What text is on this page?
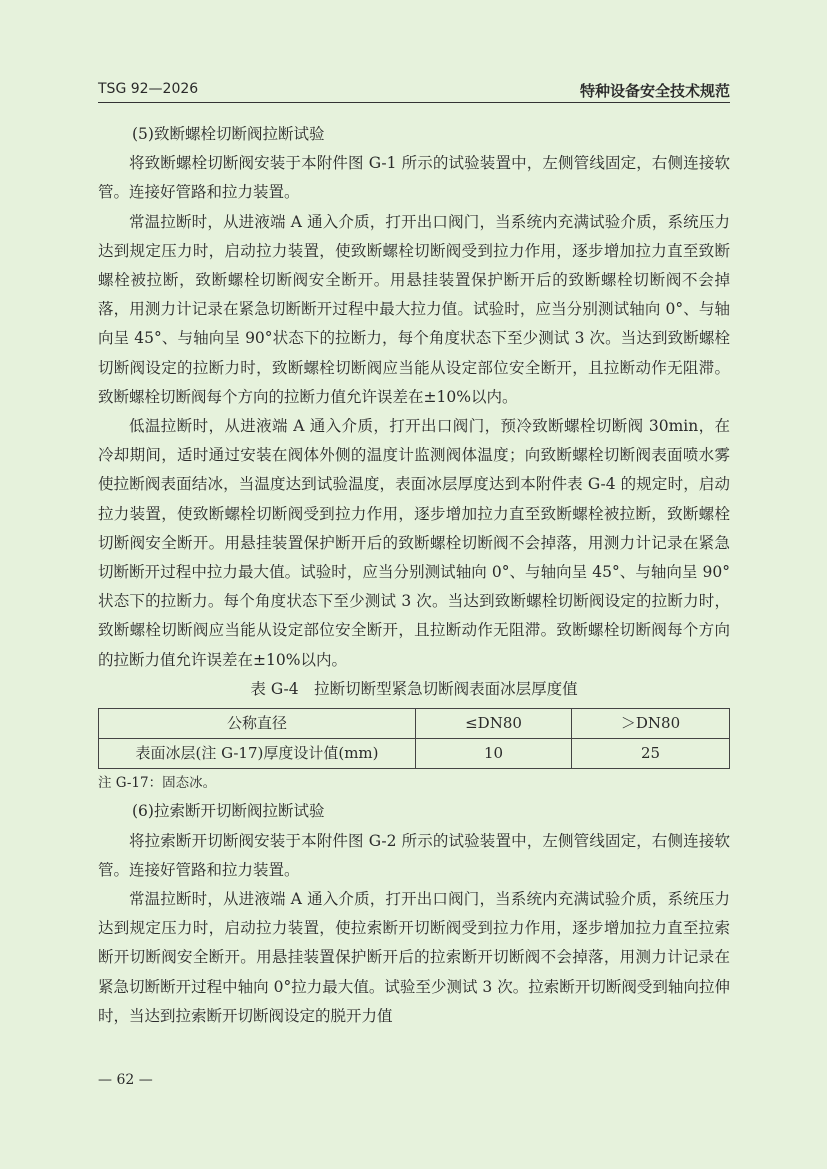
TSG 92—2026	特种设备安全技术规范

(5)致断螺栓切断阀拉断试验

将致断螺栓切断阀安装于本附件图 G-1 所示的试验装置中，左侧管线固定，右侧连接软管。连接好管路和拉力装置。

常温拉断时，从进液端 A 通入介质，打开出口阀门，当系统内充满试验介质，系统压力达到规定压力时，启动拉力装置，使致断螺栓切断阀受到拉力作用，逐步增加拉力直至致断螺栓被拉断，致断螺栓切断阀安全断开。用悬挂装置保护断开后的致断螺栓切断阀不会掉落，用测力计记录在紧急切断断开过程中最大拉力值。试验时，应当分别测试轴向 0°、与轴向呈 45°、与轴向呈 90°状态下的拉断力，每个角度状态下至少测试 3 次。当达到致断螺栓切断阀设定的拉断力时，致断螺栓切断阀应当能从设定部位安全断开，且拉断动作无阻滞。致断螺栓切断阀每个方向的拉断力值允许误差在±10%以内。

低温拉断时，从进液端 A 通入介质，打开出口阀门，预冷致断螺栓切断阀 30min，在冷却期间，适时通过安装在阀体外侧的温度计监测阀体温度；向致断螺栓切断阀表面喷水雾使拉断阀表面结冰，当温度达到试验温度，表面冰层厚度达到本附件表 G-4 的规定时，启动拉力装置，使致断螺栓切断阀受到拉力作用，逐步增加拉力直至致断螺栓被拉断，致断螺栓切断阀安全断开。用悬挂装置保护断开后的致断螺栓切断阀不会掉落，用测力计记录在紧急切断断开过程中拉力最大值。试验时，应当分别测试轴向 0°、与轴向呈 45°、与轴向呈 90°状态下的拉断力。每个角度状态下至少测试 3 次。当达到致断螺栓切断阀设定的拉断力时，致断螺栓切断阀应当能从设定部位安全断开，且拉断动作无阻滞。致断螺栓切断阀每个方向的拉断力值允许误差在±10%以内。

表 G-4　拉断切断型紧急切断阀表面冰层厚度值

公称直径	≤DN80	＞DN80
表面冰层(注 G-17)厚度设计值(mm)	10	25

注 G-17：固态冰。

(6)拉索断开切断阀拉断试验

将拉索断开切断阀安装于本附件图 G-2 所示的试验装置中，左侧管线固定，右侧连接软管。连接好管路和拉力装置。

常温拉断时，从进液端 A 通入介质，打开出口阀门，当系统内充满试验介质，系统压力达到规定压力时，启动拉力装置，使拉索断开切断阀受到拉力作用，逐步增加拉力直至拉索断开切断阀安全断开。用悬挂装置保护断开后的拉索断开切断阀不会掉落，用测力计记录在紧急切断断开过程中轴向 0°拉力最大值。试验至少测试 3 次。拉索断开切断阀受到轴向拉伸时，当达到拉索断开切断阀设定的脱开力值

— 62 —
